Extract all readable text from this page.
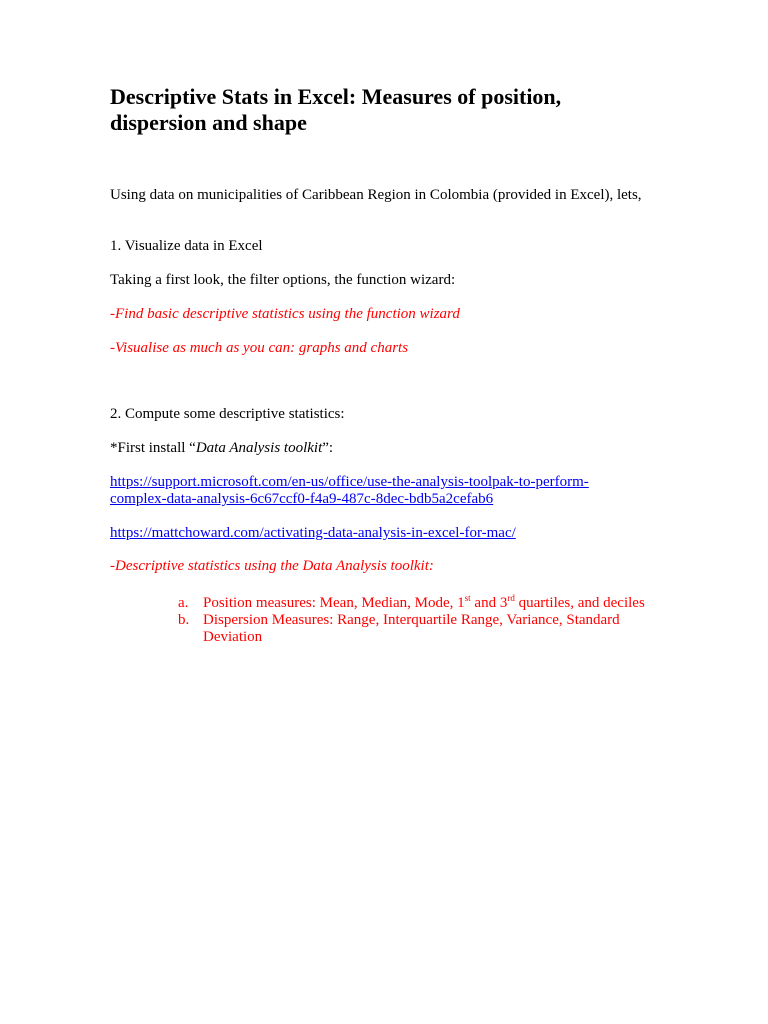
Descriptive Stats in Excel: Measures of position, dispersion and shape

Using data on municipalities of Caribbean Region in Colombia (provided in Excel), lets,

1. Visualize data in Excel

Taking a first look, the filter options, the function wizard:

-Find basic descriptive statistics using the function wizard

-Visualise as much as you can: graphs and charts

2. Compute some descriptive statistics:

*First install “Data Analysis toolkit”:

https://support.microsoft.com/en-us/office/use-the-analysis-toolpak-to-perform-complex-data-analysis-6c67ccf0-f4a9-487c-8dec-bdb5a2cefab6

https://mattchoward.com/activating-data-analysis-in-excel-for-mac/

-Descriptive statistics using the Data Analysis toolkit:

a. Position measures: Mean, Median, Mode, 1st and 3rd quartiles, and deciles
b. Dispersion Measures: Range, Interquartile Range, Variance, Standard Deviation
